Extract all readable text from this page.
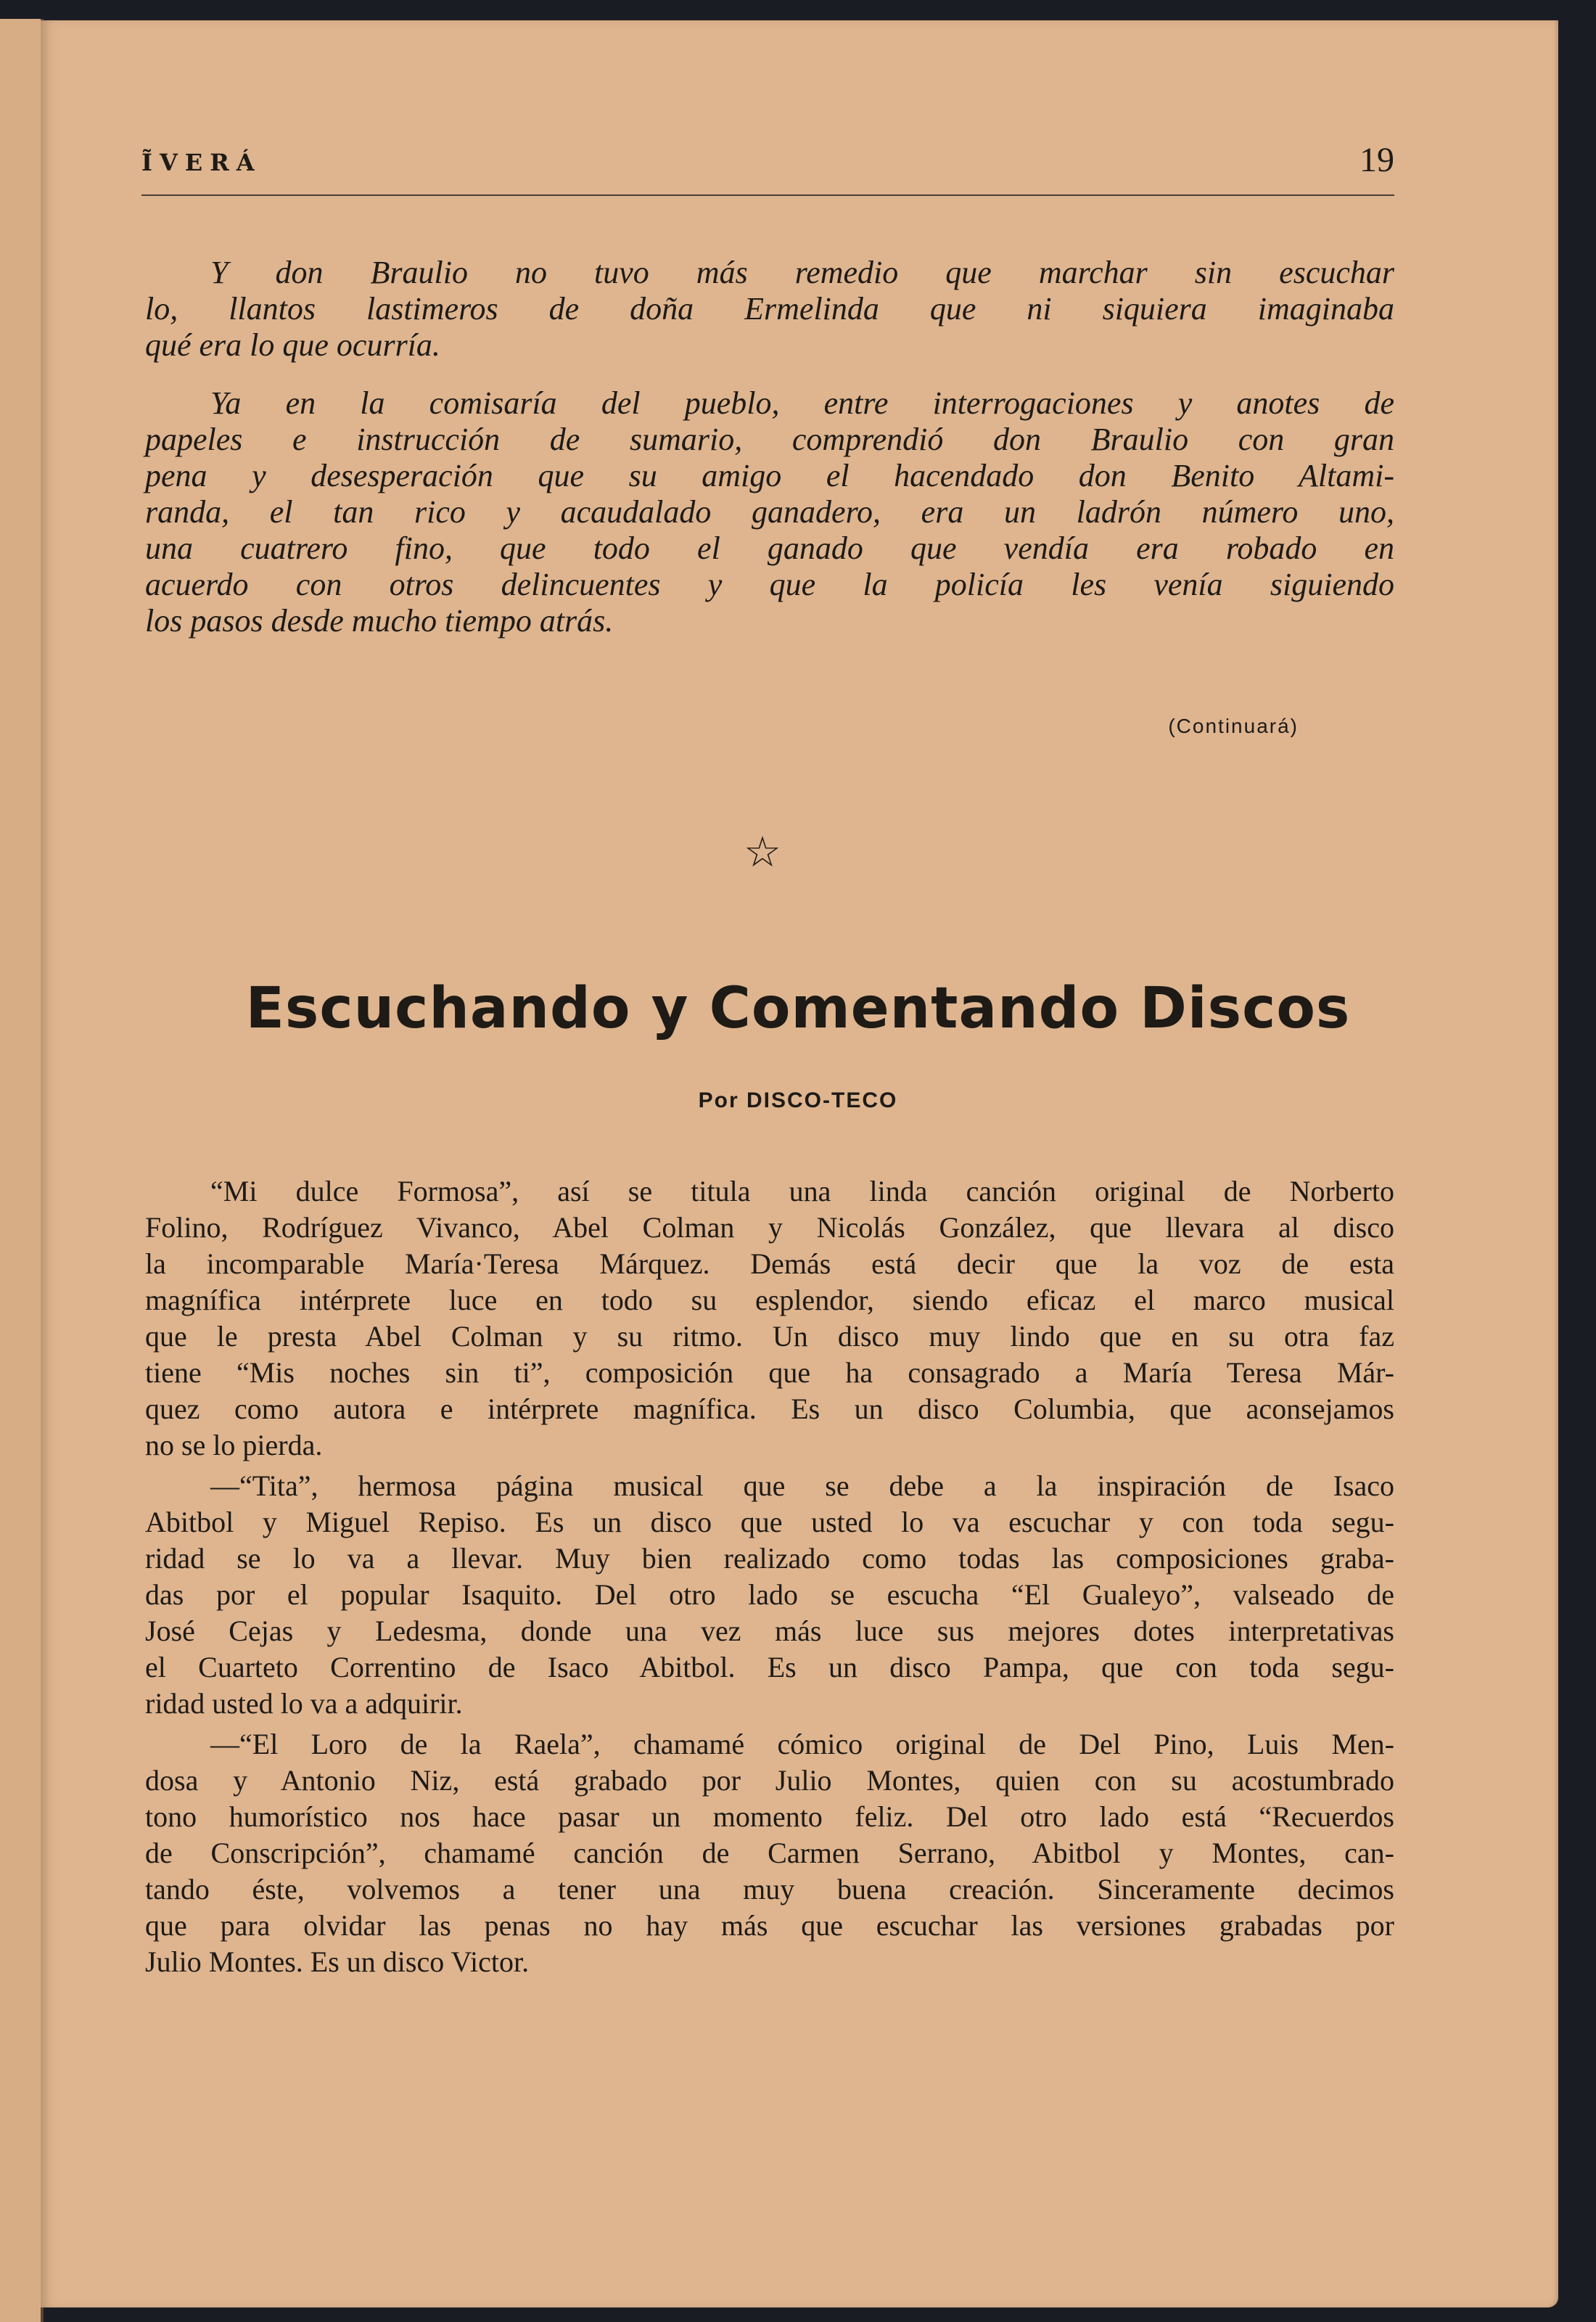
ĨVERÁ	19
Y don Braulio no tuvo más remedio que marchar sin escuchar
lo, llantos lastimeros de doña Ermelinda que ni siquiera imaginaba
qué era lo que ocurría.
Ya en la comisaría del pueblo, entre interrogaciones y anotes de
papeles e instrucción de sumario, comprendió don Braulio con gran
pena y desesperación que su amigo el hacendado don Benito Altami-
randa, el tan rico y acaudalado ganadero, era un ladrón número uno,
una cuatrero fino, que todo el ganado que vendía era robado en
acuerdo con otros delincuentes y que la policía les venía siguiendo
los pasos desde mucho tiempo atrás.
(Continuará)
☆
Escuchando y Comentando Discos
Por DISCO-TECO
“Mi dulce Formosa”, así se titula una linda canción original de Norberto
Folino, Rodríguez Vivanco, Abel Colman y Nicolás González, que llevara al disco
la incomparable María·Teresa Márquez. Demás está decir que la voz de esta
magnífica intérprete luce en todo su esplendor, siendo eficaz el marco musical
que le presta Abel Colman y su ritmo. Un disco muy lindo que en su otra faz
tiene “Mis noches sin ti”, composición que ha consagrado a María Teresa Már-
quez como autora e intérprete magnífica. Es un disco Columbia, que aconsejamos
no se lo pierda.
—“Tita”, hermosa página musical que se debe a la inspiración de Isaco
Abitbol y Miguel Repiso. Es un disco que usted lo va escuchar y con toda segu-
ridad se lo va a llevar. Muy bien realizado como todas las composiciones graba-
das por el popular Isaquito. Del otro lado se escucha “El Gualeyo”, valseado de
José Cejas y Ledesma, donde una vez más luce sus mejores dotes interpretativas
el Cuarteto Correntino de Isaco Abitbol. Es un disco Pampa, que con toda segu-
ridad usted lo va a adquirir.
—“El Loro de la Raela”, chamamé cómico original de Del Pino, Luis Men-
dosa y Antonio Niz, está grabado por Julio Montes, quien con su acostumbrado
tono humorístico nos hace pasar un momento feliz. Del otro lado está “Recuerdos
de Conscripción”, chamamé canción de Carmen Serrano, Abitbol y Montes, can-
tando éste, volvemos a tener una muy buena creación. Sinceramente decimos
que para olvidar las penas no hay más que escuchar las versiones grabadas por
Julio Montes. Es un disco Victor.
